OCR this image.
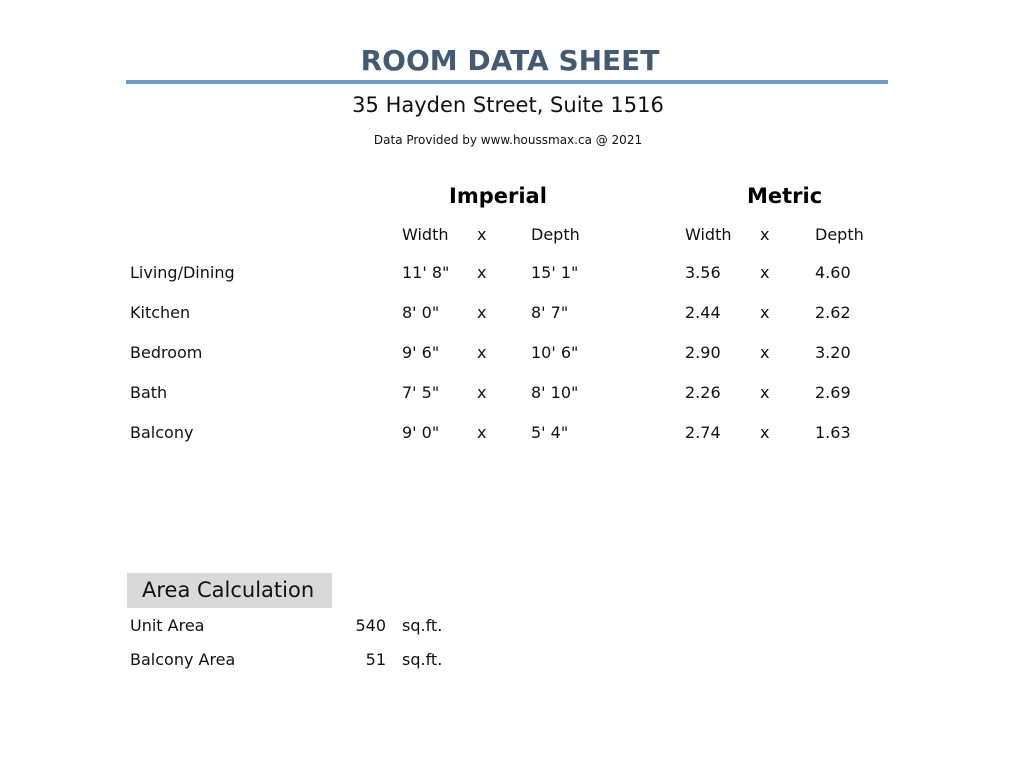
ROOM DATA SHEET
35 Hayden Street, Suite 1516
Data Provided by www.houssmax.ca @ 2021
Imperial	Metric
Width x	Depth	Width x	Depth
Living/Dining	11' 8" x	15' 1"	3.56 x	4.60
Kitchen	8' 0" x	8' 7"	2.44 x	2.62
Bedroom	9' 6" x	10' 6"	2.90 x	3.20
Bath	7' 5" x	8' 10"	2.26 x	2.69
Balcony	9' 0" x	5' 4"	2.74 x	1.63
Area Calculation
Unit Area	540 sq.ft.
Balcony Area	51 sq.ft.
